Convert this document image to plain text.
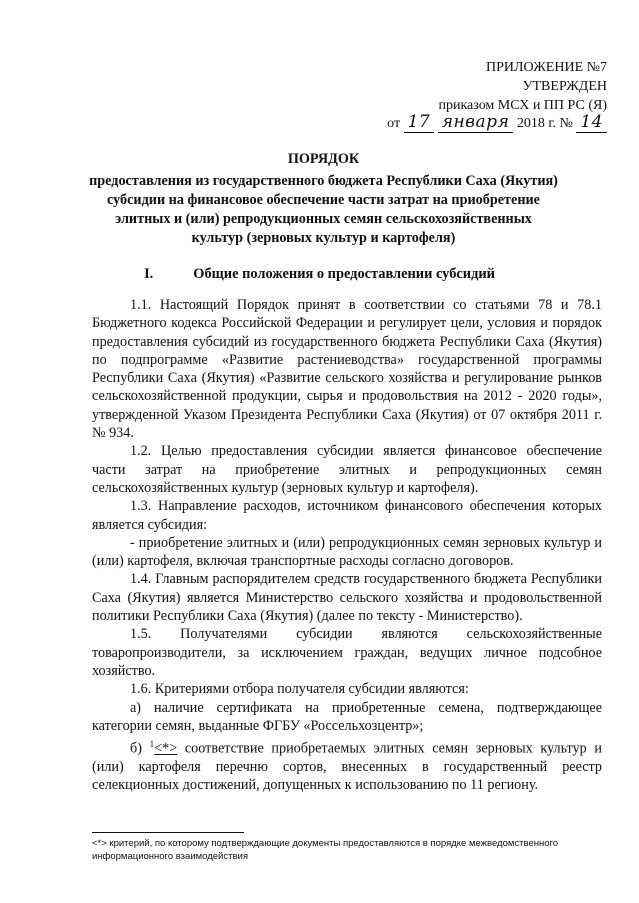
ПРИЛОЖЕНИЕ №7
УТВЕРЖДЕН
приказом МСХ и ПП РС (Я)
от 17 января 2018 г. № 14
ПОРЯДОК
предоставления из государственного бюджета Республики Саха (Якутия)
субсидии на финансовое обеспечение части затрат на приобретение
элитных и (или) репродукционных семян сельскохозяйственных
культур (зерновых культур и картофеля)
I.	Общие положения о предоставлении субсидий

1.1. Настоящий Порядок принят в соответствии со статьями 78 и 78.1 Бюджетного кодекса Российской Федерации и регулирует цели, условия и порядок предоставления субсидий из государственного бюджета Республики Саха (Якутия) по подпрограмме «Развитие растениеводства» государственной программы Республики Саха (Якутия) «Развитие сельского хозяйства и регулирование рынков сельскохозяйственной продукции, сырья и продовольствия на 2012 - 2020 годы», утвержденной Указом Президента Республики Саха (Якутия) от 07 октября 2011 г. № 934.

1.2. Целью предоставления субсидии является финансовое обеспечение части затрат на приобретение элитных и репродукционных семян сельскохозяйственных культур (зерновых культур и картофеля).

1.3. Направление расходов, источником финансового обеспечения которых является субсидия:

- приобретение элитных и (или) репродукционных семян зерновых культур и (или) картофеля, включая транспортные расходы согласно договоров.

1.4. Главным распорядителем средств государственного бюджета Республики Саха (Якутия) является Министерство сельского хозяйства и продовольственной политики Республики Саха (Якутия) (далее по тексту - Министерство).

1.5. Получателями субсидии являются сельскохозяйственные товаропроизводители, за исключением граждан, ведущих личное подсобное хозяйство.

1.6. Критериями отбора получателя субсидии являются:

а) наличие сертификата на приобретенные семена, подтверждающее категории семян, выданные ФГБУ «Россельхозцентр»;

б) $^1$<*> соответствие приобретаемых элитных семян зерновых культур и (или) картофеля перечню сортов, внесенных в государственный реестр селекционных достижений, допущенных к использованию по 11 региону.

<*> критерий, по которому подтверждающие документы предоставляются в порядке межведомственного информационного взаимодействия
